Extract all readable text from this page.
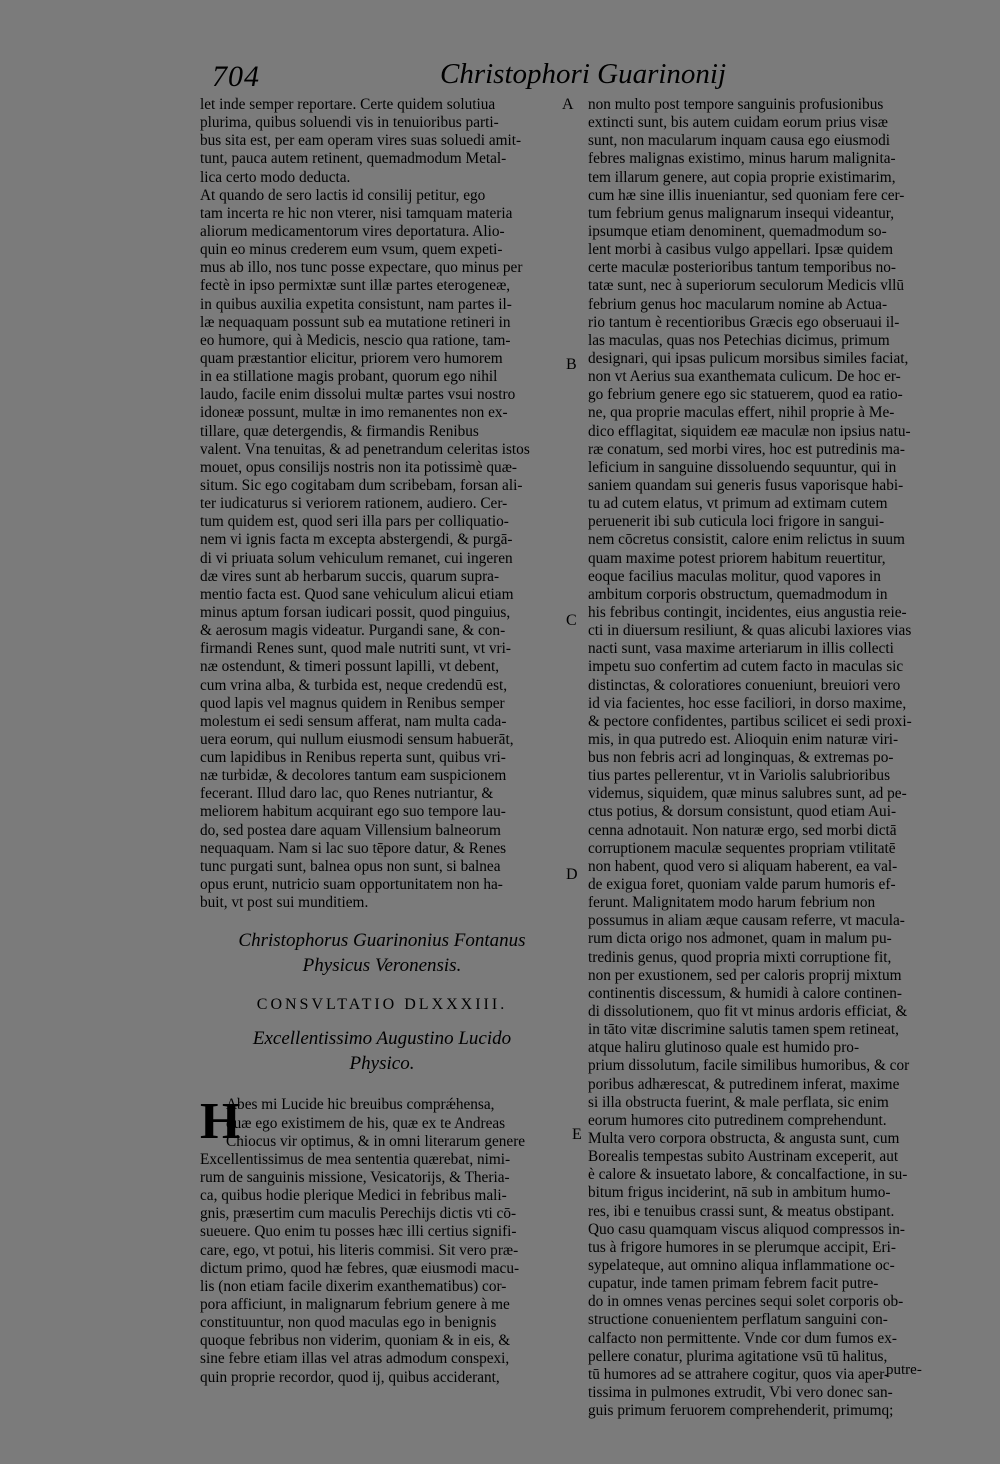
704	Christophori Guarinonij
let inde semper reportare. Certe quidem solutiua
plurima, quibus soluendi vis in tenuioribus parti-
bus sita est, per eam operam vires suas soluedi amit-
tunt, pauca autem retinent, quemadmodum Metal-
lica certo modo deducta.
At quando de sero lactis id consilij petitur, ego
tam incerta re hic non vterer, nisi tamquam materia
aliorum medicamentorum vires deportatura. Alio-
quin eo minus crederem eum vsum, quem expeti-
mus ab illo, nos tunc posse expectare, quo minus per
fectè in ipso permixtæ sunt illæ partes eterogeneæ,
in quibus auxilia expetita consistunt, nam partes il-
læ nequaquam possunt sub ea mutatione retineri in
eo humore, qui à Medicis, nescio qua ratione, tam-
quam præstantior elicitur, priorem vero humorem
in ea stillatione magis probant, quorum ego nihil
laudo, facile enim dissolui multæ partes vsui nostro
idoneæ possunt, multæ in imo remanentes non ex-
tillare, quæ detergendis, & firmandis Renibus
valent. Vna tenuitas, & ad penetrandum celeritas istos
mouet, opus consilijs nostris non ita potissimè quæ-
situm. Sic ego cogitabam dum scribebam, forsan ali-
ter iudicaturus si veriorem rationem, audiero. Cer-
tum quidem est, quod seri illa pars per colliquatio-
nem vi ignis facta m excepta abstergendi, & purgā-
di vi priuata solum vehiculum remanet, cui ingeren
dæ vires sunt ab herbarum succis, quarum supra-
mentio facta est. Quod sane vehiculum alicui etiam
minus aptum forsan iudicari possit, quod pinguius,
& aerosum magis videatur. Purgandi sane, & con-
firmandi Renes sunt, quod male nutriti sunt, vt vri-
næ ostendunt, & timeri possunt lapilli, vt debent,
cum vrina alba, & turbida est, neque credendū est,
quod lapis vel magnus quidem in Renibus semper
molestum ei sedi sensum afferat, nam multa cada-
uera eorum, qui nullum eiusmodi sensum habuerāt,
cum lapidibus in Renibus reperta sunt, quibus vri-
næ turbidæ, & decolores tantum eam suspicionem
fecerant. Illud daro lac, quo Renes nutriantur, &
meliorem habitum acquirant ego suo tempore lau-
do, sed postea dare aquam Villensium balneorum
nequaquam. Nam si lac suo tēpore datur, & Renes
tunc purgati sunt, balnea opus non sunt, si balnea
opus erunt, nutricio suam opportunitatem non ha-
buit, vt post sui munditiem.
Christophorus Guarinonius Fontanus
Physicus Veronensis.
CONSVLTATIO DLXXXIII.
Excellentissimo Augustino Lucido
Physico.
H
Abes mi Lucide hic breuibus comprǽhensa,
quæ ego existimem de his, quæ ex te Andreas
Chiocus vir optimus, & in omni literarum genere
Excellentissimus de mea sententia quærebat, nimi-
rum de sanguinis missione, Vesicatorijs, & Theria-
ca, quibus hodie plerique Medici in febribus mali-
gnis, præsertim cum maculis Perechijs dictis vti cō-
sueuere. Quo enim tu posses hæc illi certius signifi-
care, ego, vt potui, his literis commisi. Sit vero præ-
dictum primo, quod hæ febres, quæ eiusmodi macu-
lis (non etiam facile dixerim exanthematibus) cor-
pora afficiunt, in malignarum febrium genere à me
constituuntur, non quod maculas ego in benignis
quoque febribus non viderim, quoniam & in eis, &
sine febre etiam illas vel atras admodum conspexi,
quin proprie recordor, quod ij, quibus acciderant,
non multo post tempore sanguinis profusionibus
extincti sunt, bis autem cuidam eorum prius visæ
sunt, non macularum inquam causa ego eiusmodi
febres malignas existimo, minus harum malignita-
tem illarum genere, aut copia proprie existimarim,
cum hæ sine illis inueniantur, sed quoniam fere cer-
tum febrium genus malignarum insequi videantur,
ipsumque etiam denominent, quemadmodum so-
lent morbi à casibus vulgo appellari. Ipsæ quidem
certe maculæ posterioribus tantum temporibus no-
tatæ sunt, nec à superiorum seculorum Medicis vllū
febrium genus hoc macularum nomine ab Actua-
rio tantum è recentioribus Græcis ego obseruaui il-
las maculas, quas nos Petechias dicimus, primum
designari, qui ipsas pulicum morsibus similes faciat,
non vt Aerius sua exanthemata culicum. De hoc er-
go febrium genere ego sic statuerem, quod ea ratio-
ne, qua proprie maculas effert, nihil proprie à Me-
dico efflagitat, siquidem eæ maculæ non ipsius natu-
ræ conatum, sed morbi vires, hoc est putredinis ma-
leficium in sanguine dissoluendo sequuntur, qui in
saniem quandam sui generis fusus vaporisque habi-
tu ad cutem elatus, vt primum ad extimam cutem
peruenerit ibi sub cuticula loci frigore in sangui-
nem cōcretus consistit, calore enim relictus in suum
quam maxime potest priorem habitum reuertitur,
eoque facilius maculas molitur, quod vapores in
ambitum corporis obstructum, quemadmodum in
his febribus contingit, incidentes, eius angustia reie-
cti in diuersum resiliunt, & quas alicubi laxiores vias
nacti sunt, vasa maxime arteriarum in illis collecti
impetu suo confertim ad cutem facto in maculas sic
distinctas, & coloratiores conueniunt, breuiori vero
id via facientes, hoc esse faciliori, in dorso maxime,
& pectore confidentes, partibus scilicet ei sedi proxi-
mis, in qua putredo est. Alioquin enim naturæ viri-
bus non febris acri ad longinquas, & extremas po-
tius partes pellerentur, vt in Variolis salubrioribus
videmus, siquidem, quæ minus salubres sunt, ad pe-
ctus potius, & dorsum consistunt, quod etiam Aui-
cenna adnotauit. Non naturæ ergo, sed morbi dictā
corruptionem maculæ sequentes propriam vtilitatē
non habent, quod vero si aliquam haberent, ea val-
de exigua foret, quoniam valde parum humoris ef-
ferunt. Malignitatem modo harum febrium non
possumus in aliam æque causam referre, vt macula-
rum dicta origo nos admonet, quam in malum pu-
tredinis genus, quod propria mixti corruptione fit,
non per exustionem, sed per caloris proprij mixtum
continentis discessum, & humidi à calore continen-
di dissolutionem, quo fit vt minus ardoris efficiat, &
in tāto vitæ discrimine salutis tamen spem retineat,
atque haliru glutinoso quale est humido pro-
prium dissolutum, facile similibus humoribus, & cor
poribus adhærescat, & putredinem inferat, maxime
si illa obstructa fuerint, & male perflata, sic enim
eorum humores cito putredinem comprehendunt.
Multa vero corpora obstructa, & angusta sunt, cum
Borealis tempestas subito Austrinam exceperit, aut
è calore & insuetato labore, & concalfactione, in su-
bitum frigus inciderint, nā sub in ambitum humo-
res, ibi e tenuibus crassi sunt, & meatus obstipant.
Quo casu quamquam viscus aliquod compressos in-
tus à frigore humores in se plerumque accipit, Eri-
sypelateque, aut omnino aliqua inflammatione oc-
cupatur, inde tamen primam febrem facit putre-
do in omnes venas percines sequi solet corporis ob-
structione conuenientem perflatum sanguini con-
calfacto non permittente. Vnde cor dum fumos ex-
pellere conatur, plurima agitatione vsū tū halitus,
tū humores ad se attrahere cogitur, quos via aper-
tissima in pulmones extrudit, Vbi vero donec san-
guis primum feruorem comprehenderit, primumq;
A
B
C
D
E
putre-
